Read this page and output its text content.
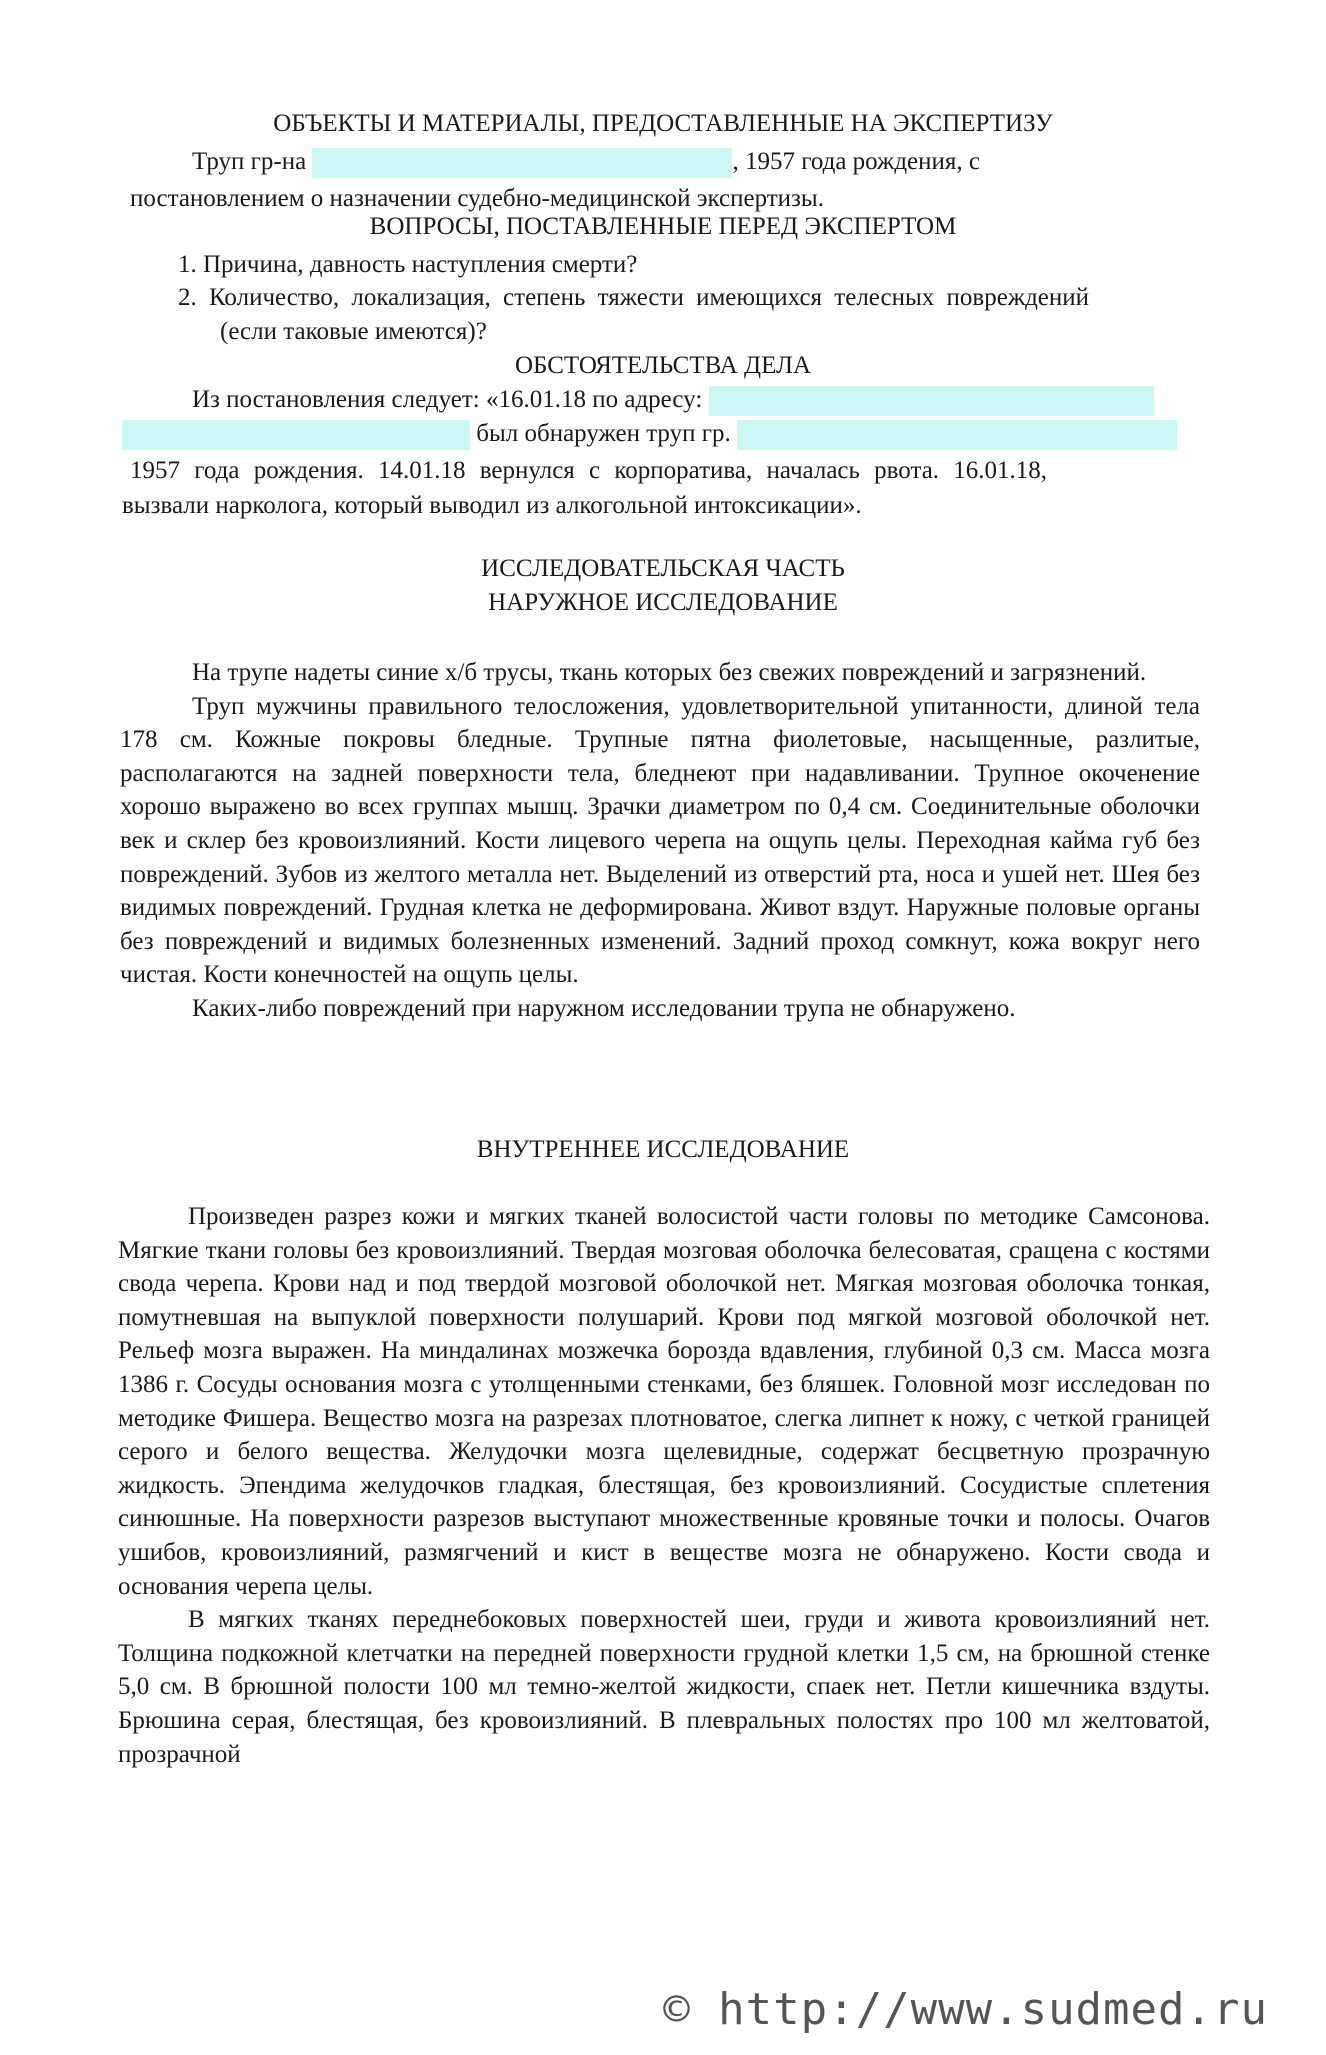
ОБЪЕКТЫ И МАТЕРИАЛЫ, ПРЕДОСТАВЛЕННЫЕ НА ЭКСПЕРТИЗУ
Труп гр-на	, 1957 года рождения, с
постановлением о назначении судебно-медицинской экспертизы.
ВОПРОСЫ, ПОСТАВЛЕННЫЕ ПЕРЕД ЭКСПЕРТОМ
1. Причина, давность наступления смерти?
2. Количество, локализация, степень тяжести имеющихся телесных повреждений
(если таковые имеются)?
ОБСТОЯТЕЛЬСТВА ДЕЛА
Из постановления следует: «16.01.18 по адресу:
был обнаружен труп гр.
1957 года рождения. 14.01.18 вернулся с корпоратива, началась рвота. 16.01.18,
вызвали нарколога, который выводил из алкогольной интоксикации».
ИССЛЕДОВАТЕЛЬСКАЯ ЧАСТЬ
НАРУЖНОЕ ИССЛЕДОВАНИЕ

На трупе надеты синие х/б трусы, ткань которых без свежих повреждений и загрязнений.

Труп мужчины правильного телосложения, удовлетворительной упитанности, длиной тела 178 см. Кожные покровы бледные. Трупные пятна фиолетовые, насыщенные, разлитые, располагаются на задней поверхности тела, бледнеют при надавливании. Трупное окоченение хорошо выражено во всех группах мышц. Зрачки диаметром по 0,4 см. Соединительные оболочки век и склер без кровоизлияний. Кости лицевого черепа на ощупь целы. Переходная кайма губ без повреждений. Зубов из желтого металла нет. Выделений из отверстий рта, носа и ушей нет. Шея без видимых повреждений. Грудная клетка не деформирована. Живот вздут. Наружные половые органы без повреждений и видимых болезненных изменений. Задний проход сомкнут, кожа вокруг него чистая. Кости конечностей на ощупь целы.

Каких-либо повреждений при наружном исследовании трупа не обнаружено.

ВНУТРЕННЕЕ ИССЛЕДОВАНИЕ

Произведен разрез кожи и мягких тканей волосистой части головы по методике Самсонова. Мягкие ткани головы без кровоизлияний. Твердая мозговая оболочка белесоватая, сращена с костями свода черепа. Крови над и под твердой мозговой оболочкой нет. Мягкая мозговая оболочка тонкая, помутневшая на выпуклой поверхности полушарий. Крови под мягкой мозговой оболочкой нет. Рельеф мозга выражен. На миндалинах мозжечка борозда вдавления, глубиной 0,3 см. Масса мозга 1386 г. Сосуды основания мозга с утолщенными стенками, без бляшек. Головной мозг исследован по методике Фишера. Вещество мозга на разрезах плотноватое, слегка липнет к ножу, с четкой границей серого и белого вещества. Желудочки мозга щелевидные, содержат бесцветную прозрачную жидкость. Эпендима желудочков гладкая, блестящая, без кровоизлияний. Сосудистые сплетения синюшные. На поверхности разрезов выступают множественные кровяные точки и полосы. Очагов ушибов, кровоизлияний, размягчений и кист в веществе мозга не обнаружено. Кости свода и основания черепа целы.

В мягких тканях переднебоковых поверхностей шеи, груди и живота кровоизлияний нет. Толщина подкожной клетчатки на передней поверхности грудной клетки 1,5 см, на брюшной стенке 5,0 см. В брюшной полости 100 мл темно-желтой жидкости, спаек нет. Петли кишечника вздуты. Брюшина серая, блестящая, без кровоизлияний. В плевральных полостях про 100 мл желтоватой, прозрачной

© http://www.sudmed.ru
